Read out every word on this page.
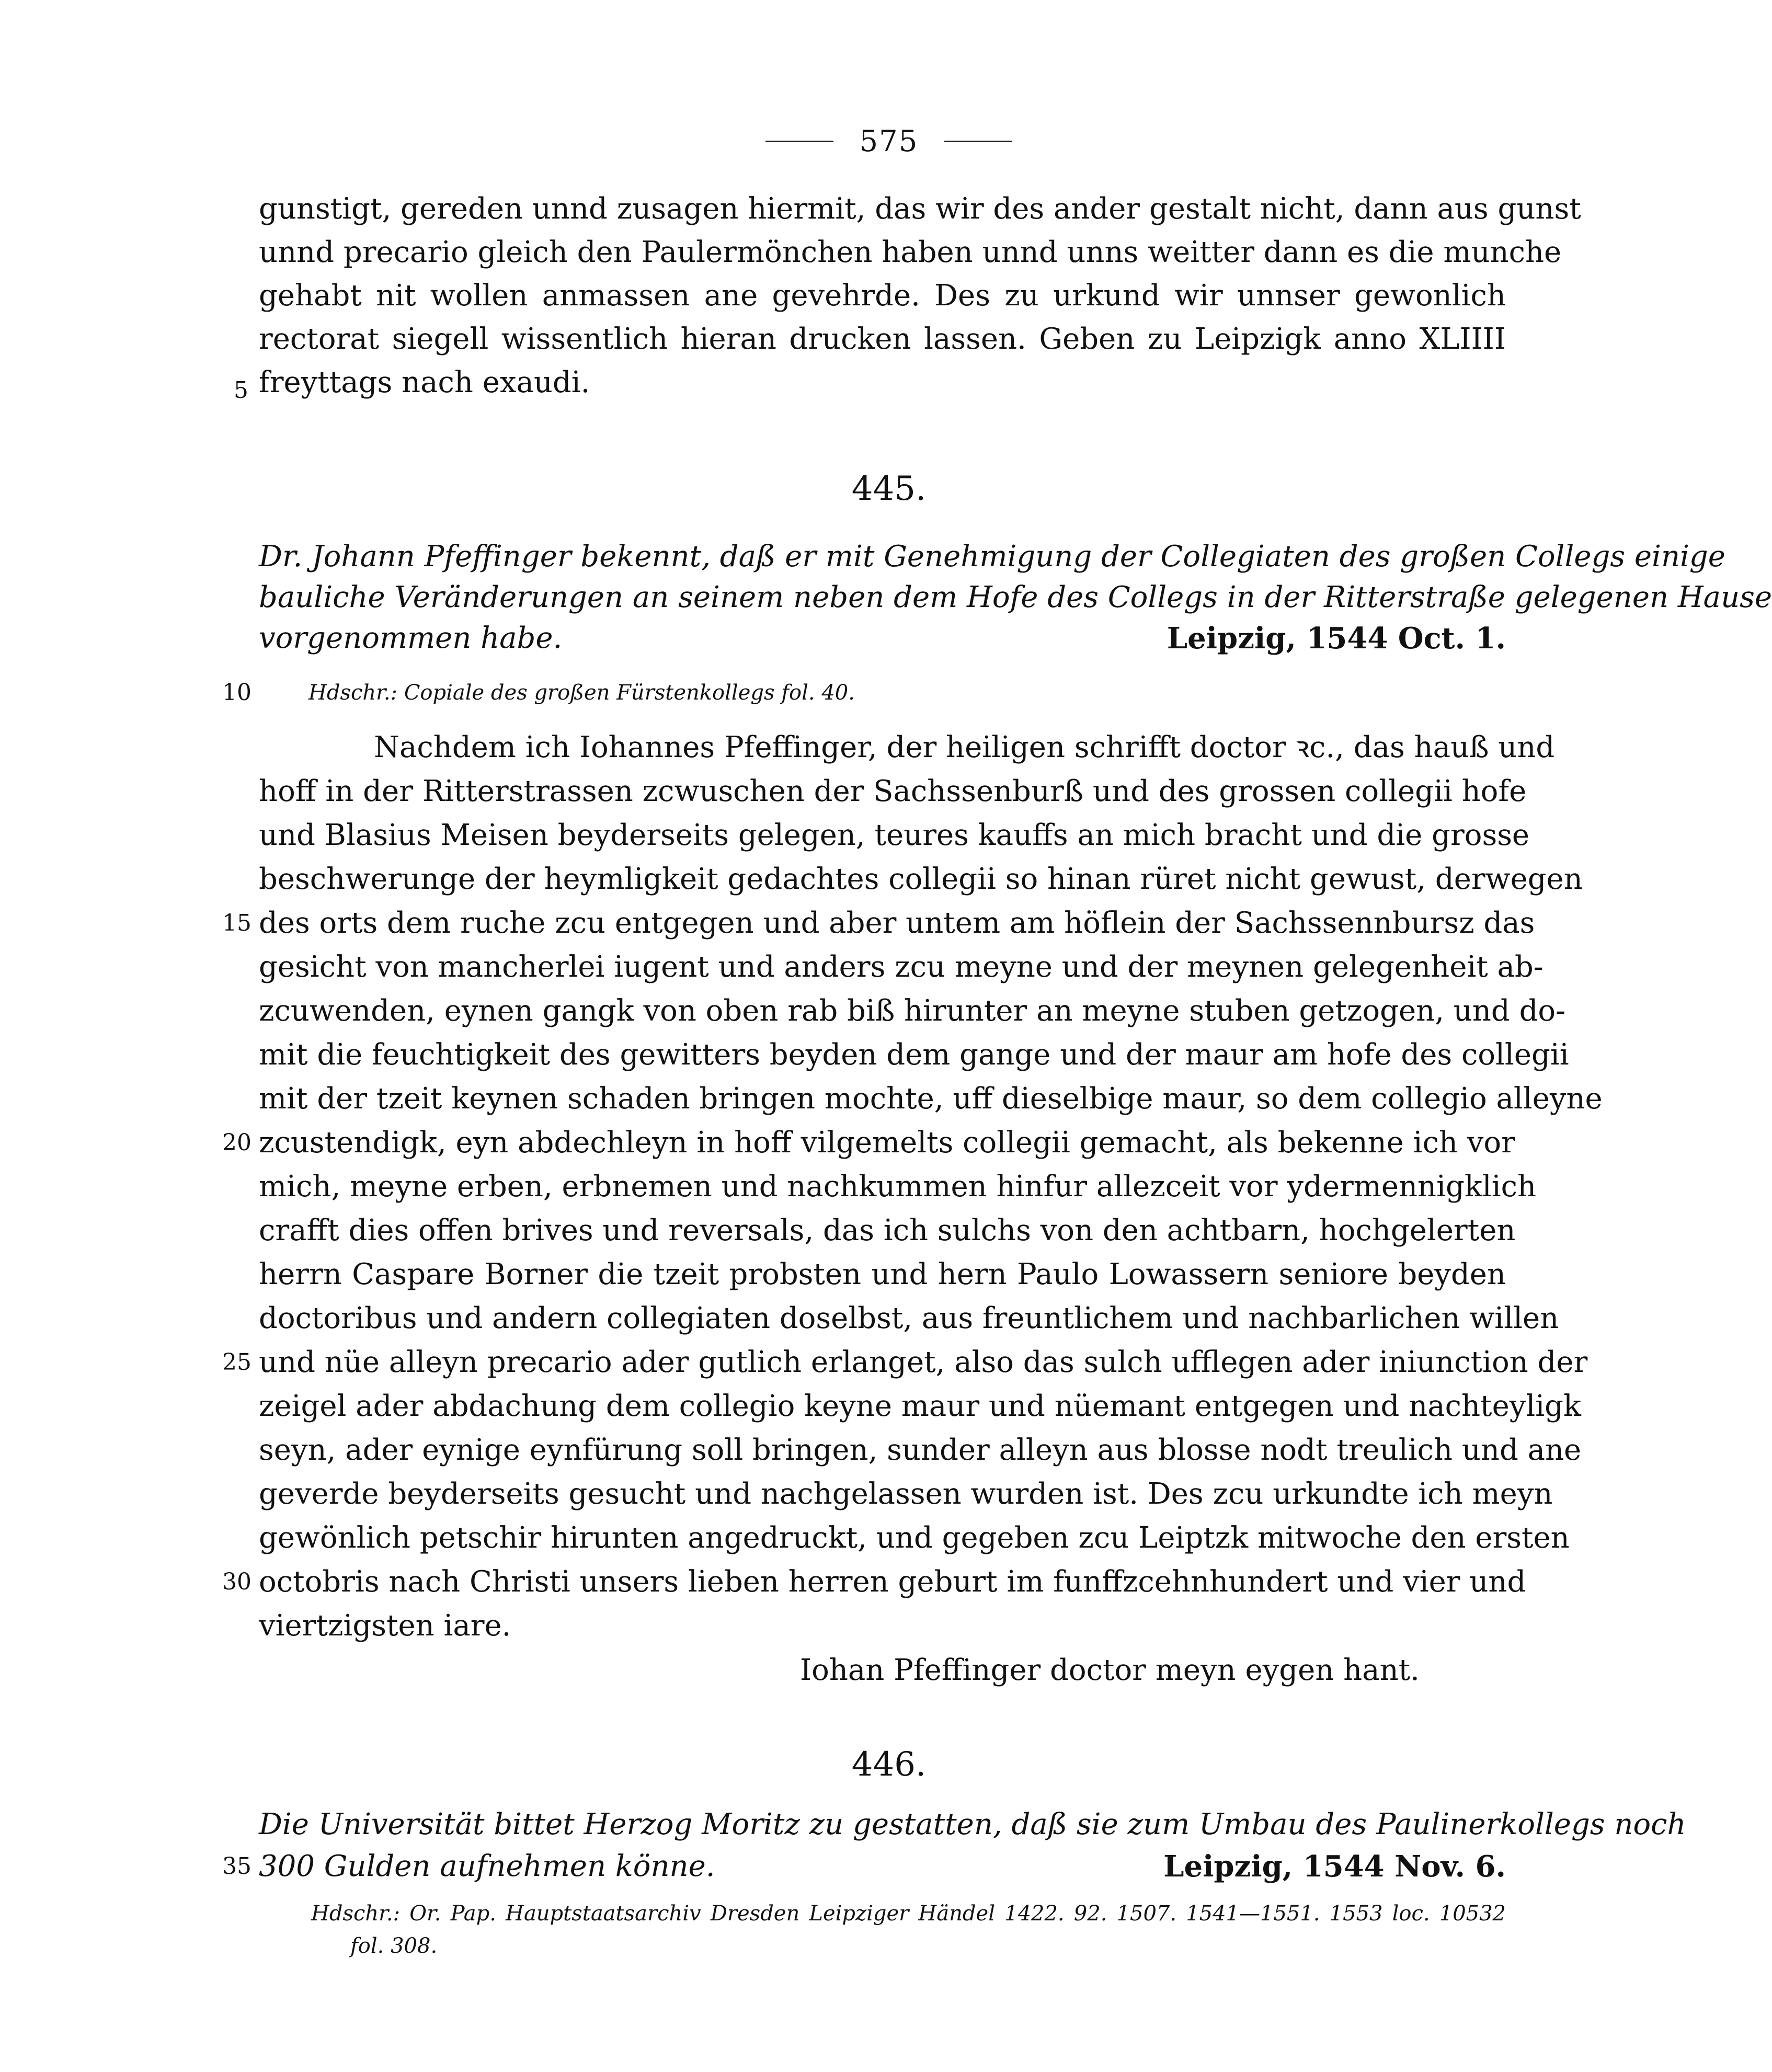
575
gunstigt, gereden unnd zusagen hiermit, das wir des ander gestalt nicht, dann aus gunst
unnd precario gleich den Paulermönchen haben unnd unns weitter dann es die munche
gehabt nit wollen anmassen ane gevehrde. Des zu urkund wir unnser gewonlich
rectorat siegell wissentlich hieran drucken lassen. Geben zu Leipzigk anno XLIIII
freyttags nach exaudi.
5
445.
Dr. Johann Pfeffinger bekennt, daß er mit Genehmigung der Collegiaten des großen Collegs einige
bauliche Veränderungen an seinem neben dem Hofe des Collegs in der Ritterstraße gelegenen Hause
vorgenommen habe.	Leipzig, 1544 Oct. 1.
10	Hdschr.: Copiale des großen Fürstenkollegs fol. 40.
Nachdem ich Iohannes Pfeffinger, der heiligen schrifft doctor ꝛc., das hauß und
hoff in der Ritterstrassen zcwuschen der Sachssenburß und des grossen collegii hofe
und Blasius Meisen beyderseits gelegen, teures kauffs an mich bracht und die grosse
beschwerunge der heymligkeit gedachtes collegii so hinan rüret nicht gewust, derwegen
des orts dem ruche zcu entgegen und aber untem am höflein der Sachssennbursz das
gesicht von mancherlei iugent und anders zcu meyne und der meynen gelegenheit ab-
zcuwenden, eynen gangk von oben rab biß hirunter an meyne stuben getzogen, und do-
mit die feuchtigkeit des gewitters beyden dem gange und der maur am hofe des collegii
mit der tzeit keynen schaden bringen mochte, uff dieselbige maur, so dem collegio alleyne
zcustendigk, eyn abdechleyn in hoff vilgemelts collegii gemacht, als bekenne ich vor
mich, meyne erben, erbnemen und nachkummen hinfur allezceit vor ydermennigklich
crafft dies offen brives und reversals, das ich sulchs von den achtbarn, hochgelerten
herrn Caspare Borner die tzeit probsten und hern Paulo Lowassern seniore beyden
doctoribus und andern collegiaten doselbst, aus freuntlichem und nachbarlichen willen
und nüe alleyn precario ader gutlich erlanget, also das sulch ufflegen ader iniunction der
zeigel ader abdachung dem collegio keyne maur und nüemant entgegen und nachteyligk
seyn, ader eynige eynfürung soll bringen, sunder alleyn aus blosse nodt treulich und ane
geverde beyderseits gesucht und nachgelassen wurden ist. Des zcu urkundte ich meyn
gewönlich petschir hirunten angedruckt, und gegeben zcu Leiptzk mitwoche den ersten
octobris nach Christi unsers lieben herren geburt im funffzcehnhundert und vier und
viertzigsten iare.
15
20
25
30
Iohan Pfeffinger doctor meyn eygen hant.
446.
Die Universität bittet Herzog Moritz zu gestatten, daß sie zum Umbau des Paulinerkollegs noch
300 Gulden aufnehmen könne.	Leipzig, 1544 Nov. 6.
35
Hdschr.: Or. Pap. Hauptstaatsarchiv Dresden Leipziger Händel 1422. 92. 1507. 1541—1551. 1553 loc. 10532
fol. 308.
